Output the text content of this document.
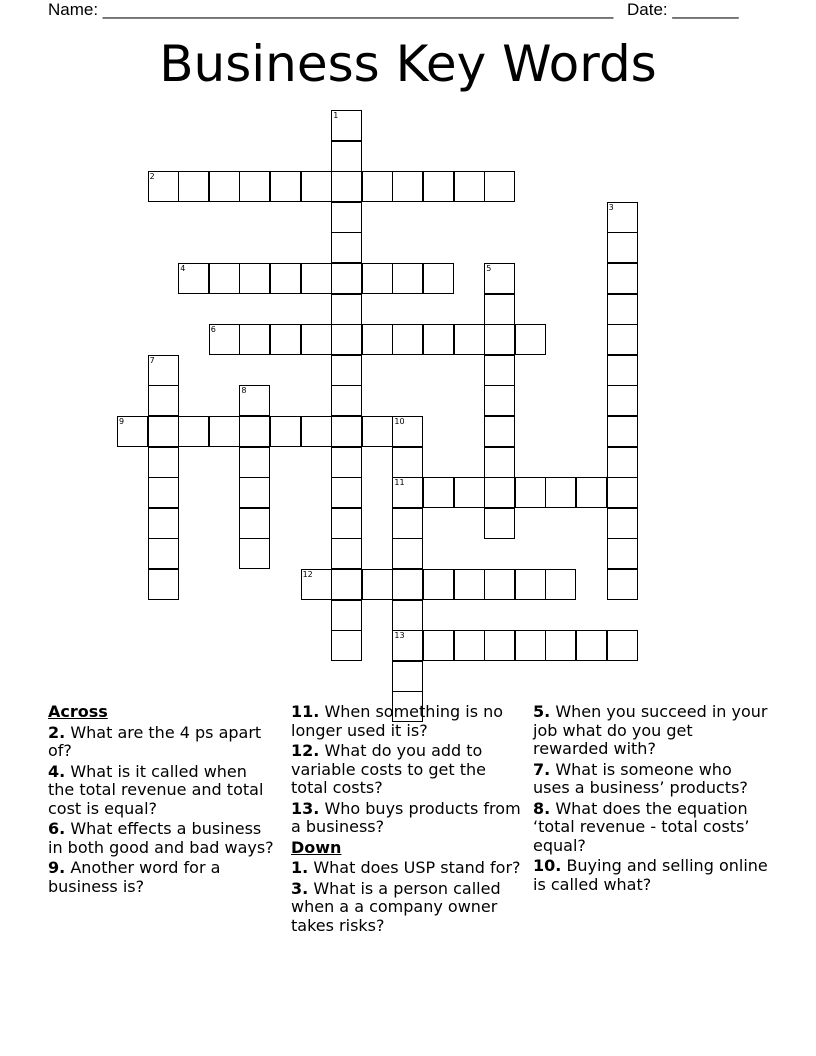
Name: ______________________________________________________ Date: _______
Business Key Words
1
2
3
4	5
6
7
8
9	10
11
13
12
Across
2. What are the 4 ps apart of?
4. What is it called when the total revenue and total cost is equal?
6. What effects a business in both good and bad ways?
9. Another word for a business is?
11. When something is no longer used it is?
12. What do you add to variable costs to get the total costs?
13. Who buys products from a business?
Down
1. What does USP stand for?
3. What is a person called when a a company owner takes risks?
5. When you succeed in your job what do you get rewarded with?
7. What is someone who uses a business’ products?
8. What does the equation ‘total revenue - total costs’ equal?
10. Buying and selling online is called what?
